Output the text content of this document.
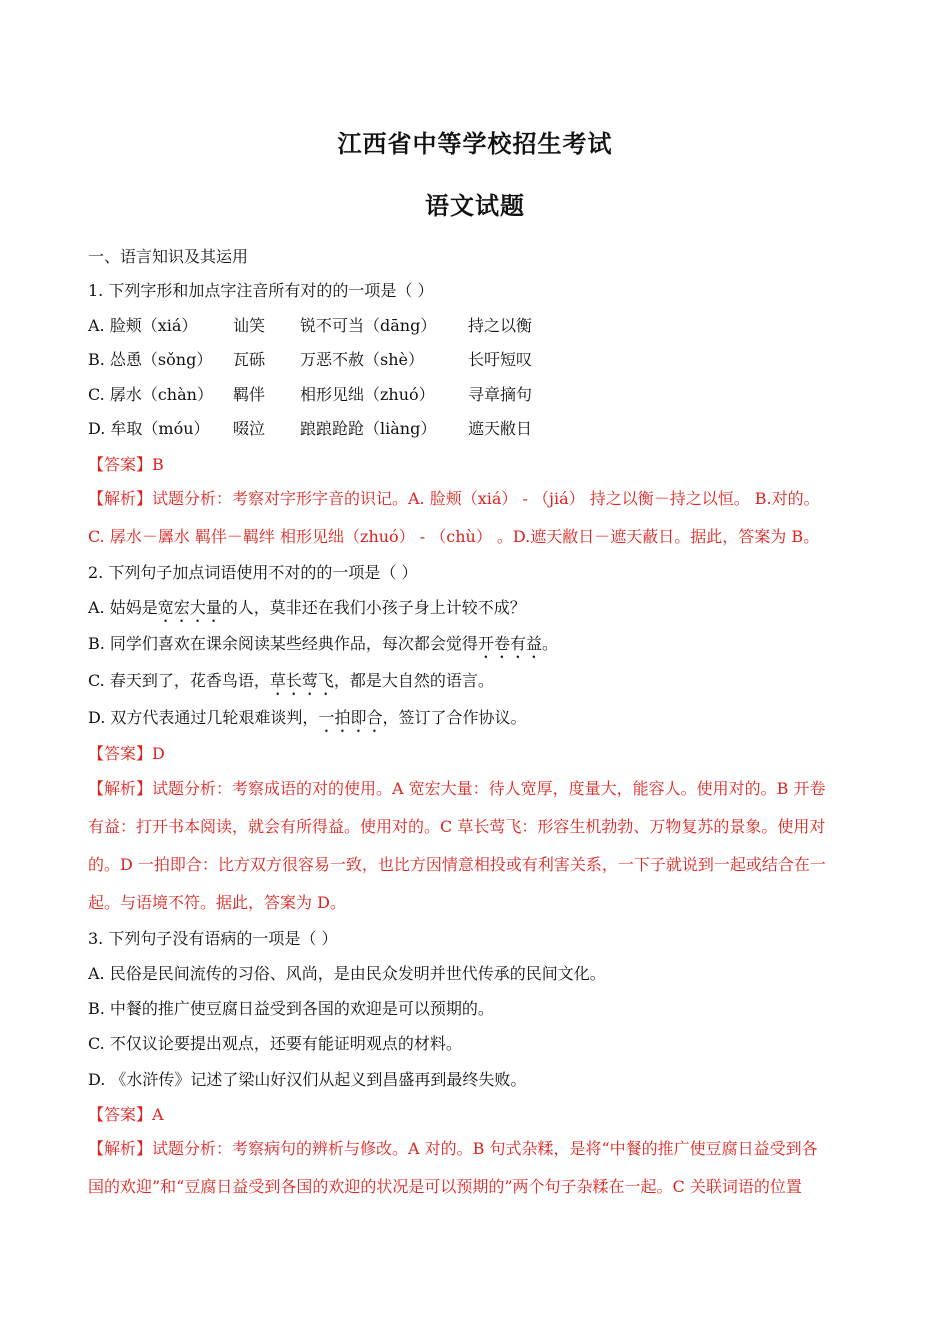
江西省中等学校招生考试
语文试题
一、语言知识及其运用
1. 下列字形和加点字注音所有对的的一项是（ ）
A. 脸颊（xiá） 讪笑 锐不可当（dāng） 持之以衡
B. 怂恿（sǒng） 瓦砾 万恶不赦（shè）	长吁短叹
C. 孱水（chàn） 羁伴 相形见绌（zhuó） 寻章摘句
D. 牟取（móu） 啜泣 踉踉跄跄（liàng） 遮天敝日
【答案】B
【解析】试题分析：考察对字形字音的识记。A. 脸颊（xiá） - （jiá） 持之以衡－持之以恒。 B.对的。
C. 孱水－羼水 羁伴－羁绊 相形见绌（zhuó） - （chù） 。D.遮天敝日－遮天蔽日。据此，答案为 B。
2. 下列句子加点词语使用不对的的一项是（ ）
A. 姑妈是宽宏大量的人，莫非还在我们小孩子身上计较不成？
B. 同学们喜欢在课余阅读某些经典作品，每次都会觉得开卷有益。
C. 春天到了，花香鸟语，草长莺飞，都是大自然的语言。
D. 双方代表通过几轮艰难谈判，一拍即合，签订了合作协议。
【答案】D
【解析】试题分析：考察成语的对的使用。A 宽宏大量：待人宽厚，度量大，能容人。使用对的。B 开卷
有益：打开书本阅读，就会有所得益。使用对的。C 草长莺飞：形容生机勃勃、万物复苏的景象。使用对
的。D 一拍即合：比方双方很容易一致，也比方因情意相投或有利害关系，一下子就说到一起或结合在一
起。与语境不符。据此，答案为 D。
3. 下列句子没有语病的一项是（ ）
A. 民俗是民间流传的习俗、风尚，是由民众发明并世代传承的民间文化。
B. 中餐的推广使豆腐日益受到各国的欢迎是可以预期的。
C. 不仅议论要提出观点，还要有能证明观点的材料。
D. 《水浒传》记述了梁山好汉们从起义到昌盛再到最终失败。
【答案】A
【解析】试题分析：考察病句的辨析与修改。A 对的。B 句式杂糅，是将“中餐的推广使豆腐日益受到各
国的欢迎”和“豆腐日益受到各国的欢迎的状况是可以预期的”两个句子杂糅在一起。C 关联词语的位置
